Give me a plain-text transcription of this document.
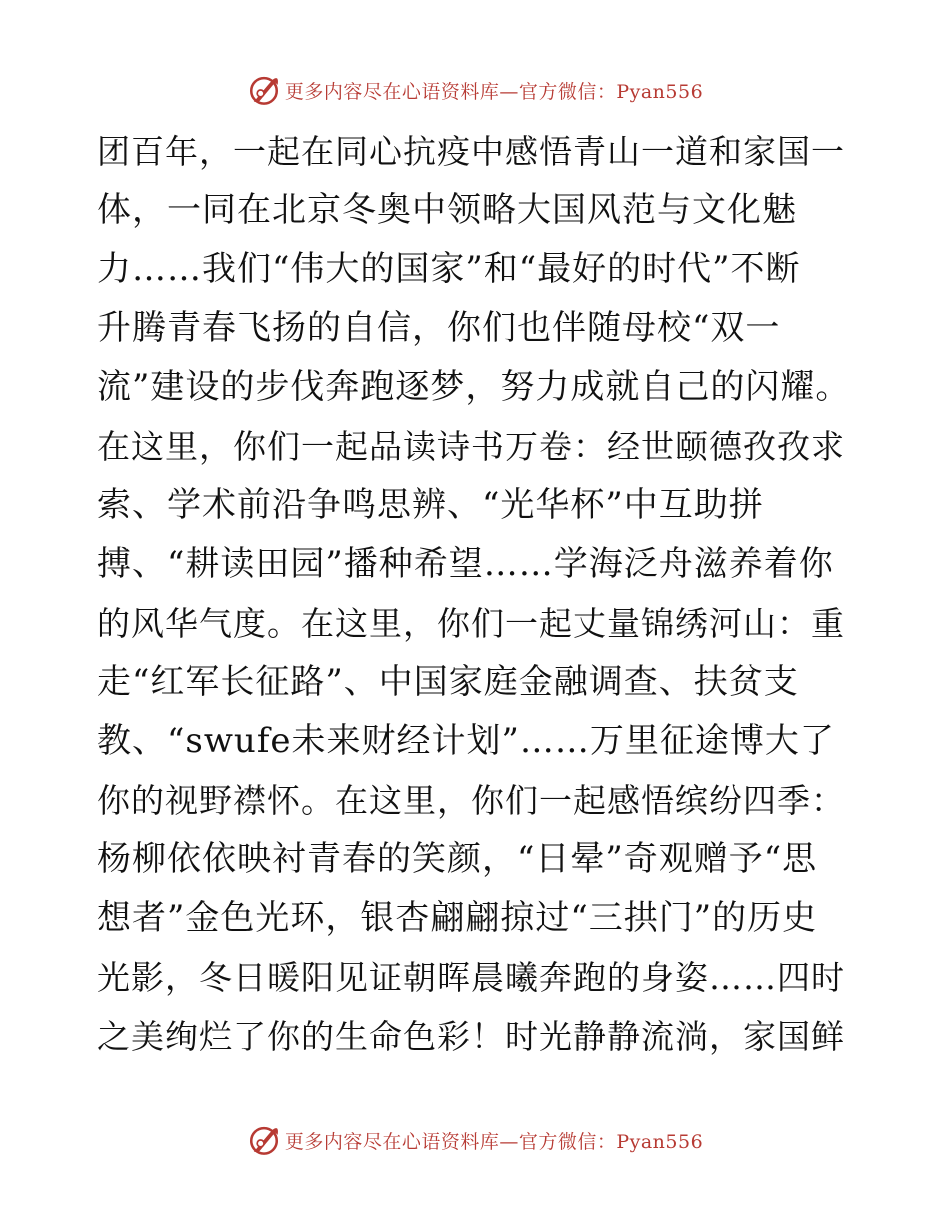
更多内容尽在心语资料库—官方微信：Pyan556
团百年，一起在同心抗疫中感悟青山一道和家国一
体，一同在北京冬奥中领略大国风范与文化魅
力……我们“伟大的国家”和“最好的时代”不断
升腾青春飞扬的自信，你们也伴随母校“双一
流”建设的步伐奔跑逐梦，努力成就自己的闪耀。
在这里，你们一起品读诗书万卷：经世颐德孜孜求
索、学术前沿争鸣思辨、“光华杯”中互助拼
搏、“耕读田园”播种希望……学海泛舟滋养着你
的风华气度。在这里，你们一起丈量锦绣河山：重
走“红军长征路”、中国家庭金融调查、扶贫支
教、“swufe未来财经计划”……万里征途博大了
你的视野襟怀。在这里，你们一起感悟缤纷四季：
杨柳依依映衬青春的笑颜，“日晕”奇观赠予“思
想者”金色光环，银杏翩翩掠过“三拱门”的历史
光影，冬日暖阳见证朝晖晨曦奔跑的身姿……四时
之美绚烂了你的生命色彩！时光静静流淌，家国鲜
更多内容尽在心语资料库—官方微信：Pyan556
